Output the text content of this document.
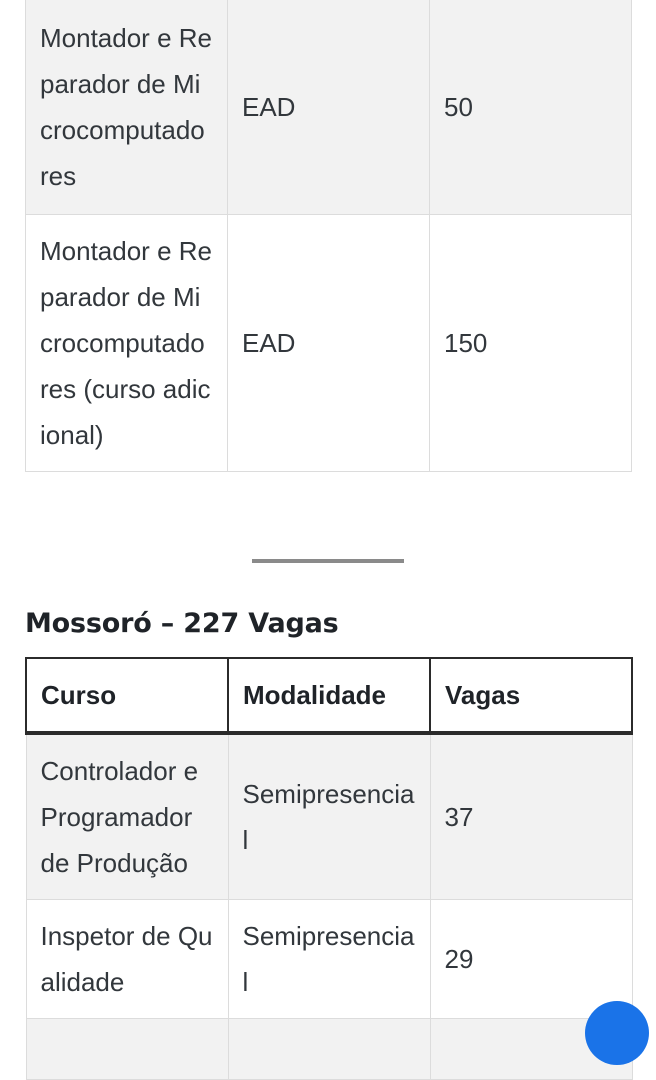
Montador e Reparador de Microcomputadores	EAD	50
Montador e Reparador de Microcomputadores (curso adicional)	EAD	150
Mossoró – 227 Vagas
Curso	Modalidade	Vagas
Controlador e Programador de Produção	Semipresencial	37
Inspetor de Qualidade	Semipresencial	29
